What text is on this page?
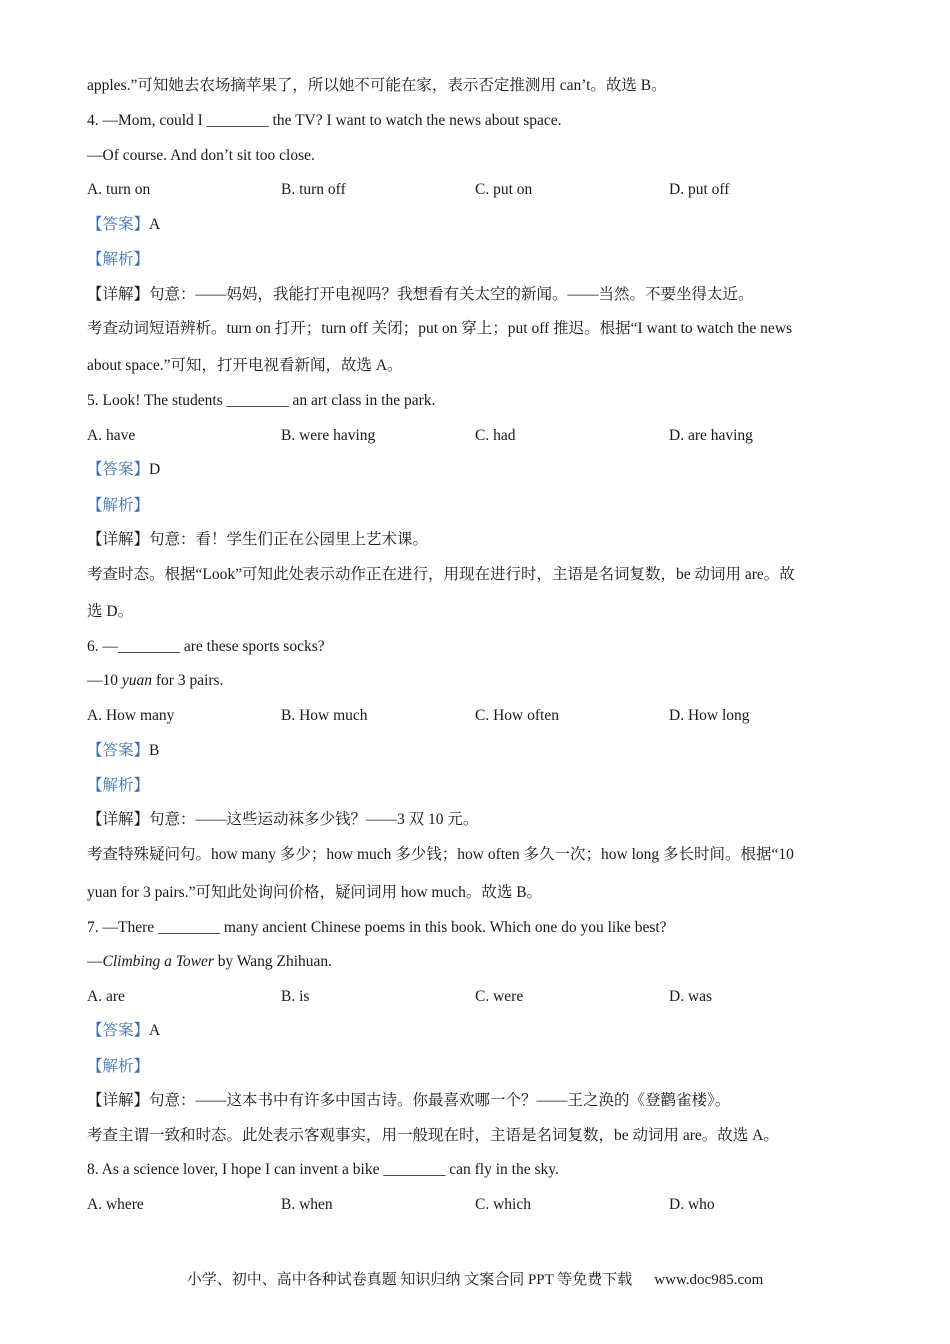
apples.”可知她去农场摘苹果了，所以她不可能在家，表示否定推测用 can’t。故选 B。
4. —Mom, could I ________ the TV? I want to watch the news about space.
—Of course. And don’t sit too close.
A. turn on	B. turn off	C. put on	D. put off
【答案】A
【解析】
【详解】句意：——妈妈，我能打开电视吗？我想看有关太空的新闻。——当然。不要坐得太近。
考查动词短语辨析。turn on 打开；turn off 关闭；put on 穿上；put off 推迟。根据“I want to watch the news
about space.”可知，打开电视看新闻，故选 A。
5. Look! The students ________ an art class in the park.
A. have	B. were having	C. had	D. are having
【答案】D
【解析】
【详解】句意：看！学生们正在公园里上艺术课。
考查时态。根据“Look”可知此处表示动作正在进行，用现在进行时，主语是名词复数，be 动词用 are。故
选 D。
6. —________ are these sports socks?
—10 yuan for 3 pairs.
A. How many	B. How much	C. How often	D. How long
【答案】B
【解析】
【详解】句意：——这些运动袜多少钱？——3 双 10 元。
考查特殊疑问句。how many 多少；how much 多少钱；how often 多久一次；how long 多长时间。根据“10
yuan for 3 pairs.”可知此处询问价格，疑问词用 how much。故选 B。
7. —There ________ many ancient Chinese poems in this book. Which one do you like best?
—Climbing a Tower by Wang Zhihuan.
A. are	B. is	C. were	D. was
【答案】A
【解析】
【详解】句意：——这本书中有许多中国古诗。你最喜欢哪一个？——王之涣的《登鹳雀楼》。
考查主谓一致和时态。此处表示客观事实，用一般现在时，主语是名词复数，be 动词用 are。故选 A。
8. As a science lover, I hope I can invent a bike ________ can fly in the sky.
A. where	B. when	C. which	D. who
小学、初中、高中各种试卷真题 知识归纳 文案合同 PPT 等免费下载 www.doc985.com
